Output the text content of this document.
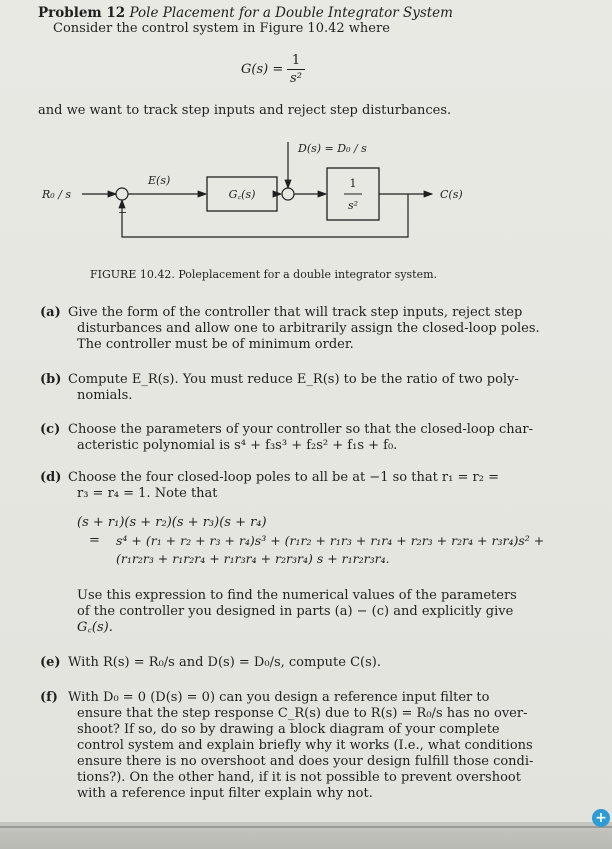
Problem 12 Pole Placement for a Double Integrator System
Consider the control system in Figure 10.42 where
G(s) =
1
s²
and we want to track step inputs and reject step disturbances.
D(s) = D₀ / s
R₀ / s
−
E(s)
G꜀(s)
1
s²
C(s)
FIGURE 10.42. Poleplacement for a double integrator system.
(a) Give the form of the controller that will track step inputs, reject step
disturbances and allow one to arbitrarily assign the closed-loop poles.
The controller must be of minimum order.
(b) Compute E_R(s). You must reduce E_R(s) to be the ratio of two poly-
nomials.
(c) Choose the parameters of your controller so that the closed-loop char-
acteristic polynomial is s⁴ + f₃s³ + f₂s² + f₁s + f₀.
(d) Choose the four closed-loop poles to all be at −1 so that r₁ = r₂ =
r₃ = r₄ = 1. Note that
(s + r₁)(s + r₂)(s + r₃)(s + r₄)
= s⁴ + (r₁ + r₂ + r₃ + r₄)s³ + (r₁r₂ + r₁r₃ + r₁r₄ + r₂r₃ + r₂r₄ + r₃r₄)s² +
(r₁r₂r₃ + r₁r₂r₄ + r₁r₃r₄ + r₂r₃r₄) s + r₁r₂r₃r₄.
Use this expression to find the numerical values of the parameters
of the controller you designed in parts (a) − (c) and explicitly give
G꜀(s).
(e) With R(s) = R₀/s and D(s) = D₀/s, compute C(s).
(f) With D₀ = 0 (D(s) = 0) can you design a reference input filter to
ensure that the step response C_R(s) due to R(s) = R₀/s has no over-
shoot? If so, do so by drawing a block diagram of your complete
control system and explain briefly why it works (I.e., what conditions
ensure there is no overshoot and does your design fulfill those condi-
tions?). On the other hand, if it is not possible to prevent overshoot
with a reference input filter explain why not.
+
